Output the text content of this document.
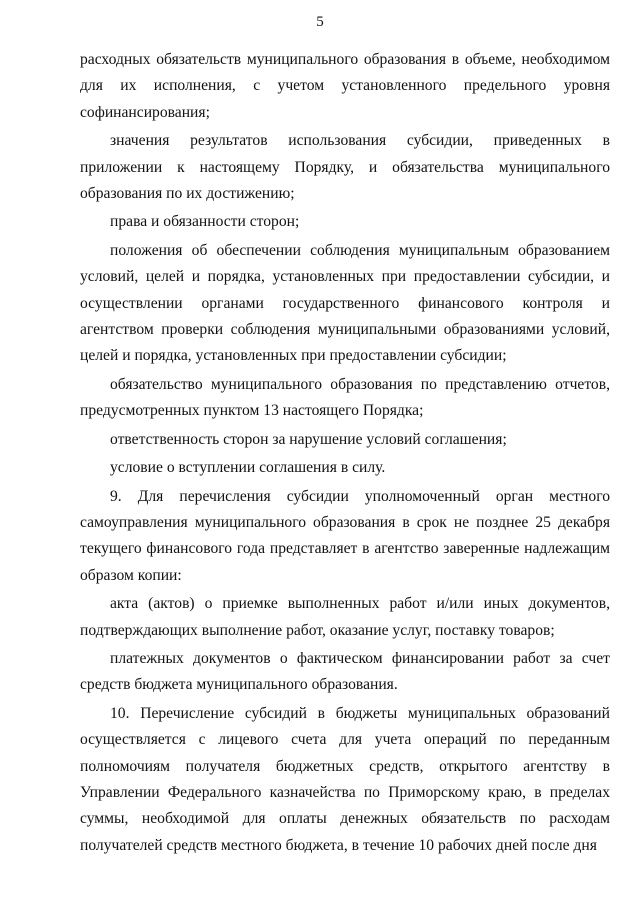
5

расходных обязательств муниципального образования в объеме, необходимом для их исполнения, с учетом установленного предельного уровня софинансирования;

значения результатов использования субсидии, приведенных в приложении к настоящему Порядку, и обязательства муниципального образования по их достижению;

права и обязанности сторон;

положения об обеспечении соблюдения муниципальным образованием условий, целей и порядка, установленных при предоставлении субсидии, и осуществлении органами государственного финансового контроля и агентством проверки соблюдения муниципальными образованиями условий, целей и порядка, установленных при предоставлении субсидии;

обязательство муниципального образования по представлению отчетов, предусмотренных пунктом 13 настоящего Порядка;

ответственность сторон за нарушение условий соглашения;

условие о вступлении соглашения в силу.

9. Для перечисления субсидии уполномоченный орган местного самоуправления муниципального образования в срок не позднее 25 декабря текущего финансового года представляет в агентство заверенные надлежащим образом копии:

акта (актов) о приемке выполненных работ и/или иных документов, подтверждающих выполнение работ, оказание услуг, поставку товаров;

платежных документов о фактическом финансировании работ за счет средств бюджета муниципального образования.

10. Перечисление субсидий в бюджеты муниципальных образований осуществляется с лицевого счета для учета операций по переданным полномочиям получателя бюджетных средств, открытого агентству в Управлении Федерального казначейства по Приморскому краю, в пределах суммы, необходимой для оплаты денежных обязательств по расходам получателей средств местного бюджета, в течение 10 рабочих дней после дня
